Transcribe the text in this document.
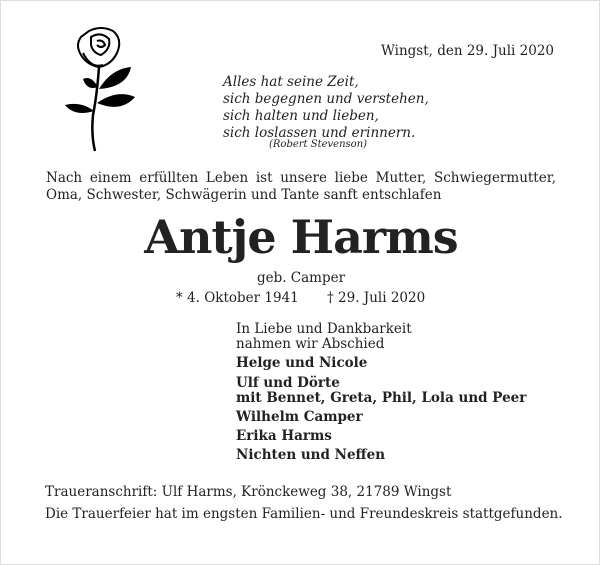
Wingst, den 29. Juli 2020
Alles hat seine Zeit,
sich begegnen und verstehen,
sich halten und lieben,
sich loslassen und erinnern.
(Robert Stevenson)
Nach einem erfüllten Leben ist unsere liebe Mutter, Schwiegermutter, Oma, Schwester, Schwägerin und Tante sanft entschlafen
Antje Harms
geb. Camper
* 4. Oktober 1941 † 29. Juli 2020
In Liebe und Dankbarkeit
nahmen wir Abschied
Helge und Nicole
Ulf und Dörte
mit Bennet, Greta, Phil, Lola und Peer
Wilhelm Camper
Erika Harms
Nichten und Neffen
Traueranschrift: Ulf Harms, Krönckeweg 38, 21789 Wingst
Die Trauerfeier hat im engsten Familien- und Freundeskreis stattgefunden.
